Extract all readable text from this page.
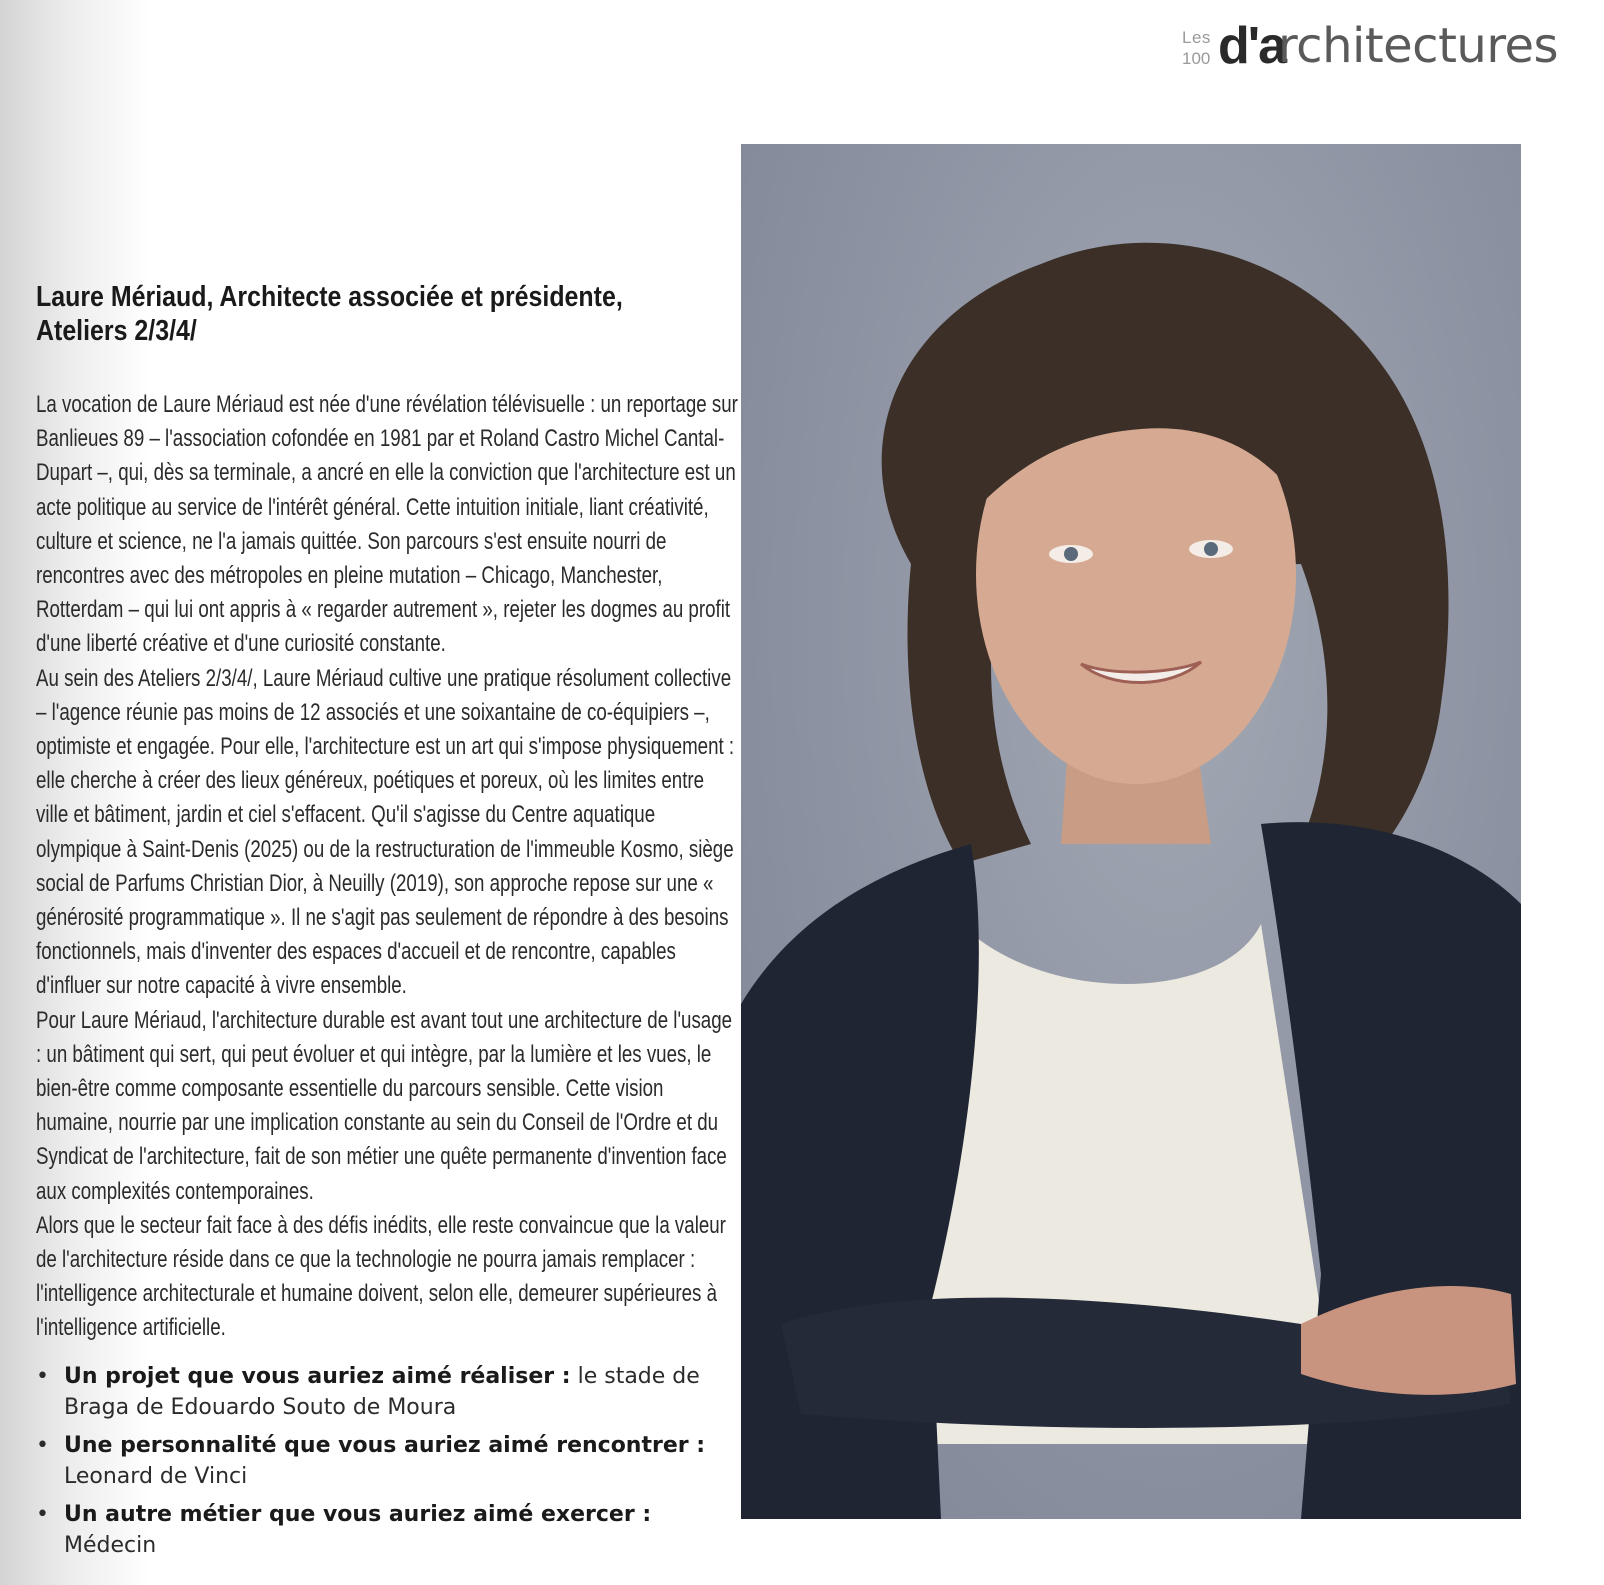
Les
100 d'a
rchitectures
Laure Mériaud, Architecte associée et présidente,
Ateliers 2/3/4/

La vocation de Laure Mériaud est née d'une révélation télévisuelle : un reportage sur Banlieues 89 – l'association cofondée en 1981 par et Roland Castro Michel Cantal-Dupart –, qui, dès sa terminale, a ancré en elle la conviction que l'architecture est un acte politique au service de l'intérêt général. Cette intuition initiale, liant créativité, culture et science, ne l'a jamais quittée. Son parcours s'est ensuite nourri de rencontres avec des métropoles en pleine mutation – Chicago, Manchester, Rotterdam – qui lui ont appris à « regarder autrement », rejeter les dogmes au profit d'une liberté créative et d'une curiosité constante.

Au sein des Ateliers 2/3/4/, Laure Mériaud cultive une pratique résolument collective – l'agence réunie pas moins de 12 associés et une soixantaine de co-équipiers –, optimiste et engagée. Pour elle, l'architecture est un art qui s'impose physiquement : elle cherche à créer des lieux généreux, poétiques et poreux, où les limites entre ville et bâtiment, jardin et ciel s'effacent. Qu'il s'agisse du Centre aquatique olympique à Saint-Denis (2025) ou de la restructuration de l'immeuble Kosmo, siège social de Parfums Christian Dior, à Neuilly (2019), son approche repose sur une « générosité programmatique ». Il ne s'agit pas seulement de répondre à des besoins fonctionnels, mais d'inventer des espaces d'accueil et de rencontre, capables d'influer sur notre capacité à vivre ensemble.

Pour Laure Mériaud, l'architecture durable est avant tout une architecture de l'usage : un bâtiment qui sert, qui peut évoluer et qui intègre, par la lumière et les vues, le bien-être comme composante essentielle du parcours sensible. Cette vision humaine, nourrie par une implication constante au sein du Conseil de l'Ordre et du Syndicat de l'architecture, fait de son métier une quête permanente d'invention face aux complexités contemporaines.

Alors que le secteur fait face à des défis inédits, elle reste convaincue que la valeur de l'architecture réside dans ce que la technologie ne pourra jamais remplacer : l'intelligence architecturale et humaine doivent, selon elle, demeurer supérieures à l'intelligence artificielle.

• Un projet que vous auriez aimé réaliser : le stade de Braga de Edouardo Souto de Moura
• Une personnalité que vous auriez aimé rencontrer :
Leonard de Vinci
• Un autre métier que vous auriez aimé exercer : Médecin
